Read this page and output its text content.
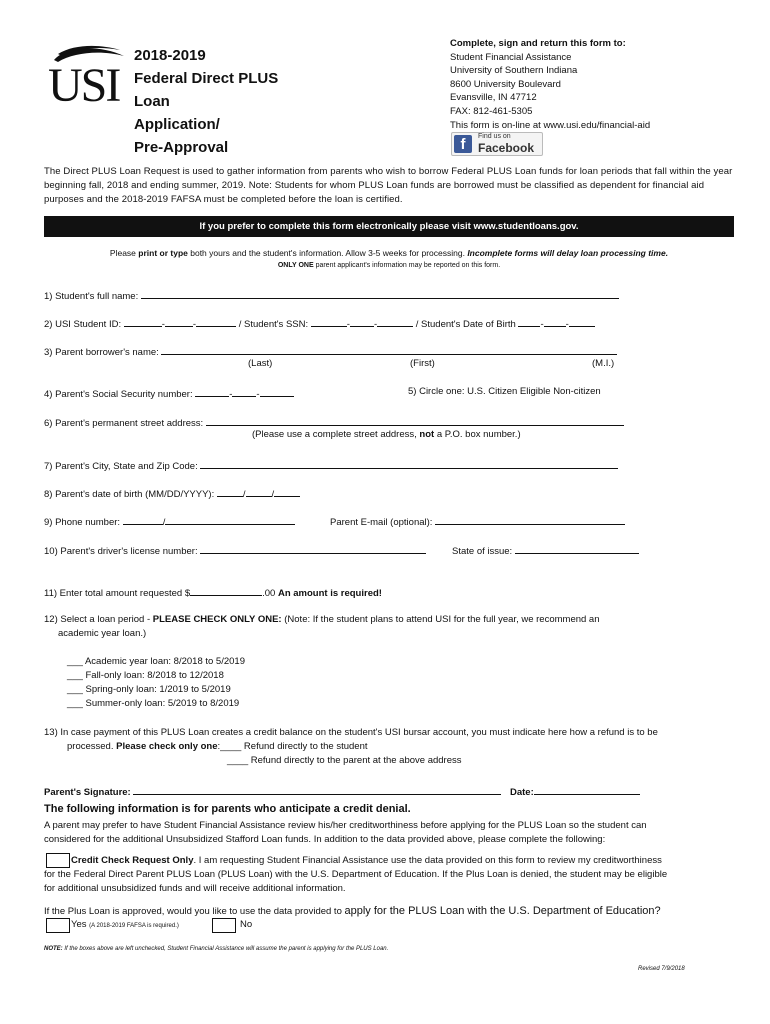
USI
2018-2019
Federal Direct PLUS
Loan
Application/
Pre-Approval
Complete, sign and return this form to:
Student Financial Assistance
University of Southern Indiana
8600 University Boulevard
Evansville, IN 47712
FAX: 812-461-5305
This form is on-line at www.usi.edu/financial-aid
f	Find us on
Facebook
The Direct PLUS Loan Request is used to gather information from parents who wish to borrow Federal PLUS Loan funds for loan periods that fall within the year beginning fall, 2018 and ending summer, 2019. Note: Students for whom PLUS Loan funds are borrowed must be classified as dependent for financial aid purposes and the 2018-2019 FAFSA must be completed before the loan is certified.
If you prefer to complete this form electronically please visit www.studentloans.gov.
Please print or type both yours and the student's information. Allow 3-5 weeks for processing. Incomplete forms will delay loan processing time.
ONLY ONE parent applicant's information may be reported on this form.
1) Student's full name:
2) USI Student ID:	-	-	/ Student's SSN:	-	-	/ Student's Date of Birth	- -
3) Parent borrower's name:
(Last)	(First)	(M.I.)
4) Parent's Social Security number:	-	-	5) Circle one: U.S. Citizen Eligible Non-citizen
6) Parent's permanent street address:
(Please use a complete street address, not a P.O. box number.)
7) Parent's City, State and Zip Code:
8) Parent's date of birth (MM/DD/YYYY):	/	/
9) Phone number:	/	Parent E-mail (optional):
10) Parent's driver's license number:	State of issue:
11) Enter total amount requested $	.00 An amount is required!
12) Select a loan period - PLEASE CHECK ONLY ONE: (Note: If the student plans to attend USI for the full year, we recommend an
academic year loan.)
___ Academic year loan: 8/2018 to 5/2019
___ Fall-only loan: 8/2018 to 12/2018
___ Spring-only loan: 1/2019 to 5/2019
___ Summer-only loan: 5/2019 to 8/2019
13) In case payment of this PLUS Loan creates a credit balance on the student's USI bursar account, you must indicate here how a refund is to be
processed. Please check only one:____ Refund directly to the student
____ Refund directly to the parent at the above address
Parent's Signature:	Date:
The following information is for parents who anticipate a credit denial.
A parent may prefer to have Student Financial Assistance review his/her creditworthiness before applying for the PLUS Loan so the student can
considered for the additional Unsubsidized Stafford Loan funds. In addition to the data provided above, please complete the following:
Credit Check Request Only. I am requesting Student Financial Assistance use the data provided on this form to review my creditworthiness
for the Federal Direct Parent PLUS Loan (PLUS Loan) with the U.S. Department of Education. If the Plus Loan is denied, the student may be eligible
for additional unsubsidized funds and will receive additional information.
If the Plus Loan is approved, would you like to use the data provided to apply for the PLUS Loan with the U.S. Department of Education?
Yes (A 2018-2019 FAFSA is required.)	No
NOTE: If the boxes above are left unchecked, Student Financial Assistance will assume the parent is applying for the PLUS Loan.
Revised 7/9/2018
